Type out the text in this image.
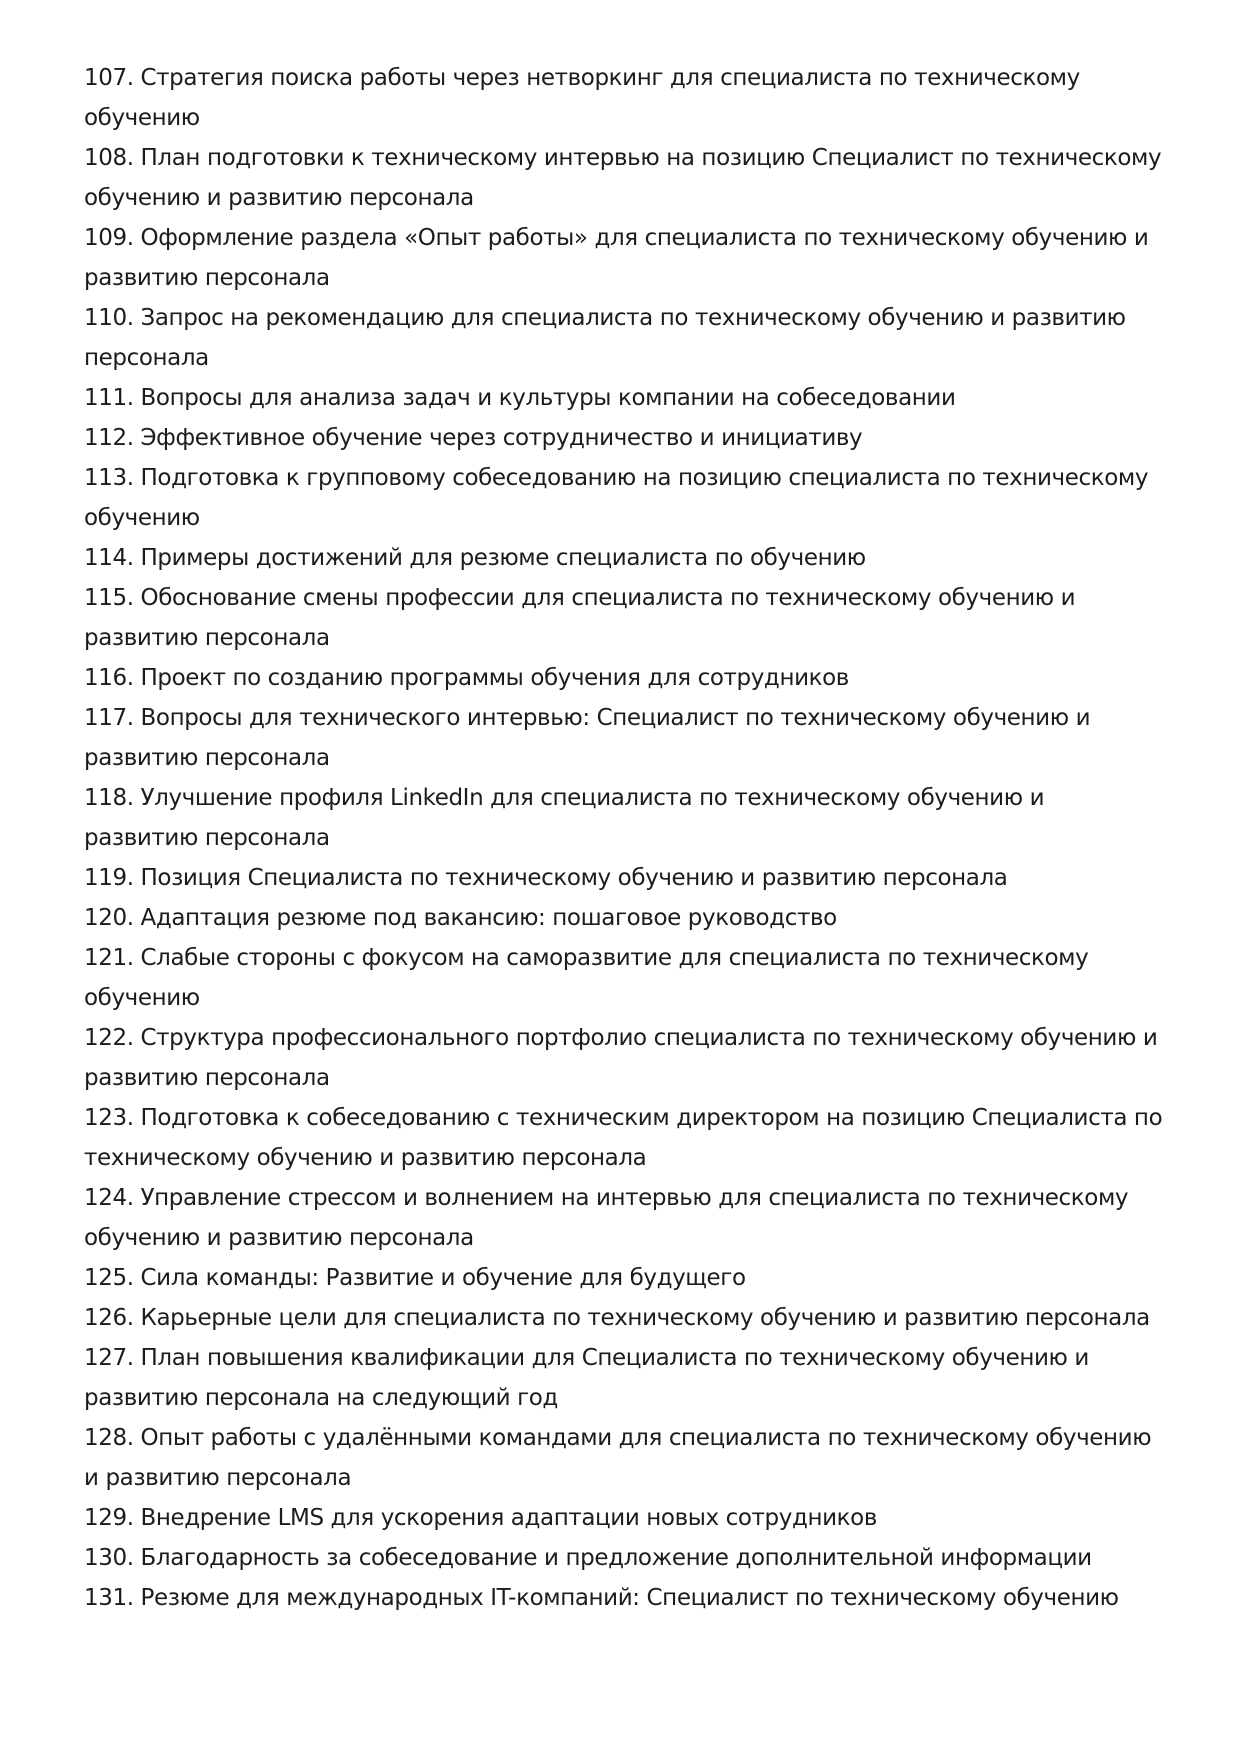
107. Стратегия поиска работы через нетворкинг для специалиста по техническому обучению

108. План подготовки к техническому интервью на позицию Специалист по техническому обучению и развитию персонала

109. Оформление раздела «Опыт работы» для специалиста по техническому обучению и развитию персонала

110. Запрос на рекомендацию для специалиста по техническому обучению и развитию персонала

111. Вопросы для анализа задач и культуры компании на собеседовании

112. Эффективное обучение через сотрудничество и инициативу

113. Подготовка к групповому собеседованию на позицию специалиста по техническому обучению

114. Примеры достижений для резюме специалиста по обучению

115. Обоснование смены профессии для специалиста по техническому обучению и развитию персонала

116. Проект по созданию программы обучения для сотрудников

117. Вопросы для технического интервью: Специалист по техническому обучению и развитию персонала

118. Улучшение профиля LinkedIn для специалиста по техническому обучению и развитию персонала

119. Позиция Специалиста по техническому обучению и развитию персонала

120. Адаптация резюме под вакансию: пошаговое руководство

121. Слабые стороны с фокусом на саморазвитие для специалиста по техническому обучению

122. Структура профессионального портфолио специалиста по техническому обучению и развитию персонала

123. Подготовка к собеседованию с техническим директором на позицию Специалиста по техническому обучению и развитию персонала

124. Управление стрессом и волнением на интервью для специалиста по техническому обучению и развитию персонала

125. Сила команды: Развитие и обучение для будущего

126. Карьерные цели для специалиста по техническому обучению и развитию персонала

127. План повышения квалификации для Специалиста по техническому обучению и развитию персонала на следующий год

128. Опыт работы с удалёнными командами для специалиста по техническому обучению и развитию персонала

129. Внедрение LMS для ускорения адаптации новых сотрудников

130. Благодарность за собеседование и предложение дополнительной информации

131. Резюме для международных IT-компаний: Специалист по техническому обучению
